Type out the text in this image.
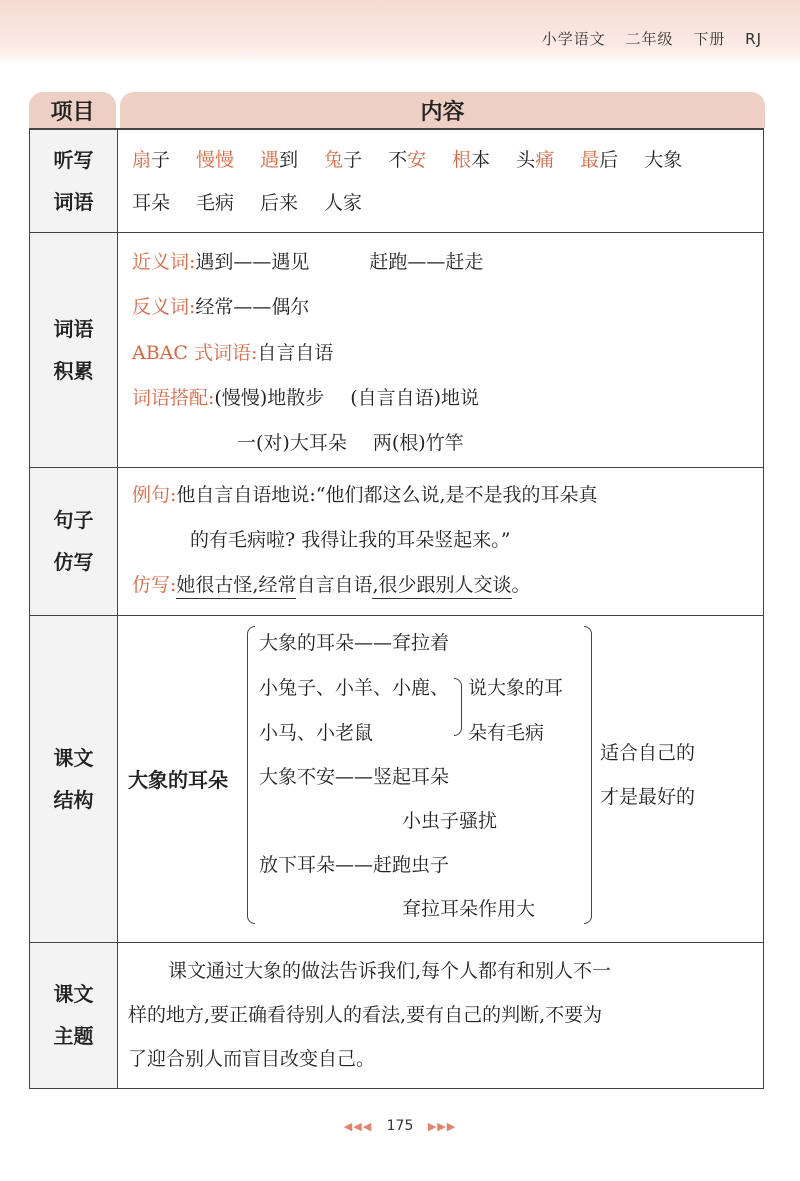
小学语文 二年级 下册 RJ
项目	内容
听写
词语
扇子 慢慢 遇到 兔子 不安 根本 头痛 最后 大象
耳朵 毛病 后来 人家
词语
积累
近义词:遇到——遇见	赶跑——赶走
反义词:经常——偶尔
ABAC 式词语:自言自语
词语搭配:(慢慢)地散步 (自言自语)地说
一(对)大耳朵 两(根)竹竿
句子
仿写
例句:他自言自语地说:“他们都这么说,是不是我的耳朵真
的有毛病啦? 我得让我的耳朵竖起来。”
仿写:她很古怪,经常自言自语,很少跟别人交谈。
课文
结构
大象的耳朵
大象的耳朵——耷拉着
小兔子、小羊、小鹿、
小马、小老鼠
说大象的耳
朵有毛病
大象不安——竖起耳朵
小虫子骚扰
放下耳朵——赶跑虫子
耷拉耳朵作用大
适合自己的
才是最好的
课文
主题
课文通过大象的做法告诉我们,每个人都有和别人不一
样的地方,要正确看待别人的看法,要有自己的判断,不要为
了迎合别人而盲目改变自己。
◀◀◀ 175 ▶▶▶
